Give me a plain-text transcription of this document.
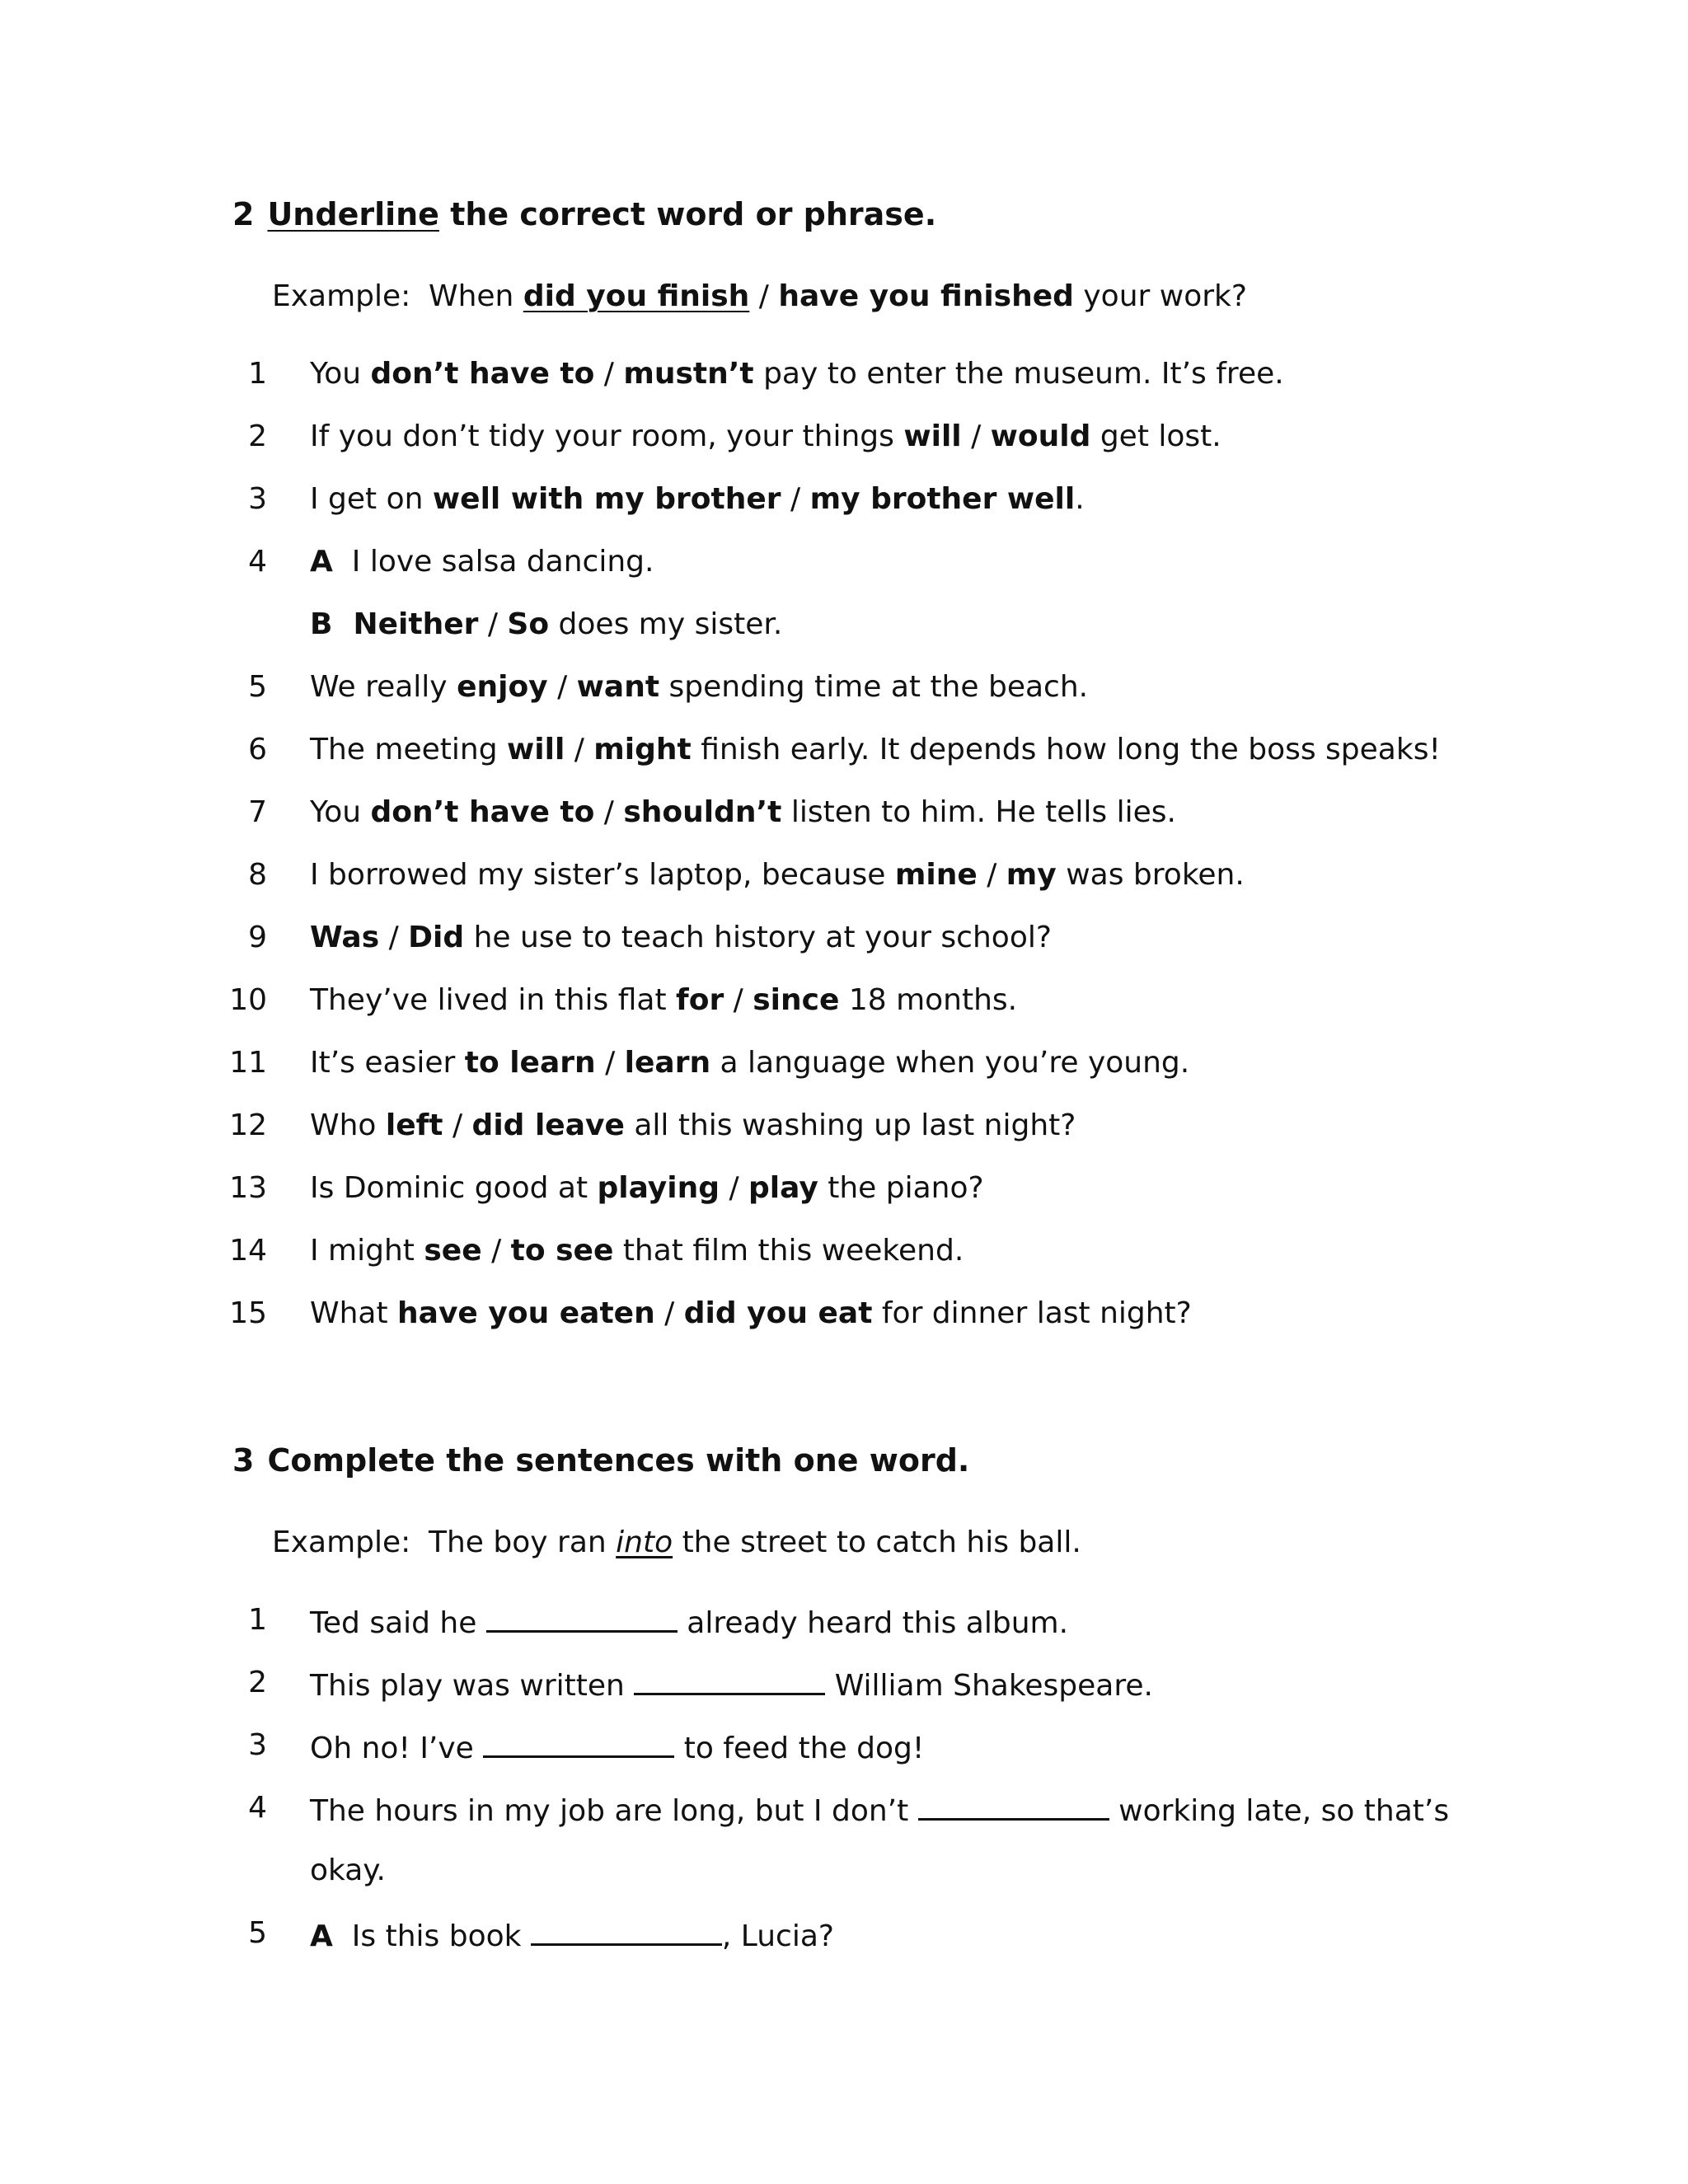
2 Underline the correct word or phrase.
Example: When did you finish / have you finished your work?
1 You don’t have to / mustn’t pay to enter the museum. It’s free.
2 If you don’t tidy your room, your things will / would get lost.
3 I get on well with my brother / my brother well.
4 A  I love salsa dancing.
B  Neither / So does my sister.
5 We really enjoy / want spending time at the beach.
6 The meeting will / might finish early. It depends how long the boss speaks!
7 You don’t have to / shouldn’t listen to him. He tells lies.
8 I borrowed my sister’s laptop, because mine / my was broken.
9 Was / Did he use to teach history at your school?
10 They’ve lived in this flat for / since 18 months.
11 It’s easier to learn / learn a language when you’re young.
12 Who left / did leave all this washing up last night?
13 Is Dominic good at playing / play the piano?
14 I might see / to see that film this weekend.
15 What have you eaten / did you eat for dinner last night?
3 Complete the sentences with one word.
Example: The boy ran into the street to catch his ball.
1 Ted said he	already heard this album.
2 This play was written	William Shakespeare.
3 Oh no! I’ve	to feed the dog!
4 The hours in my job are long, but I don’t	working late, so that’s
okay.
5 A Is this book	, Lucia?
